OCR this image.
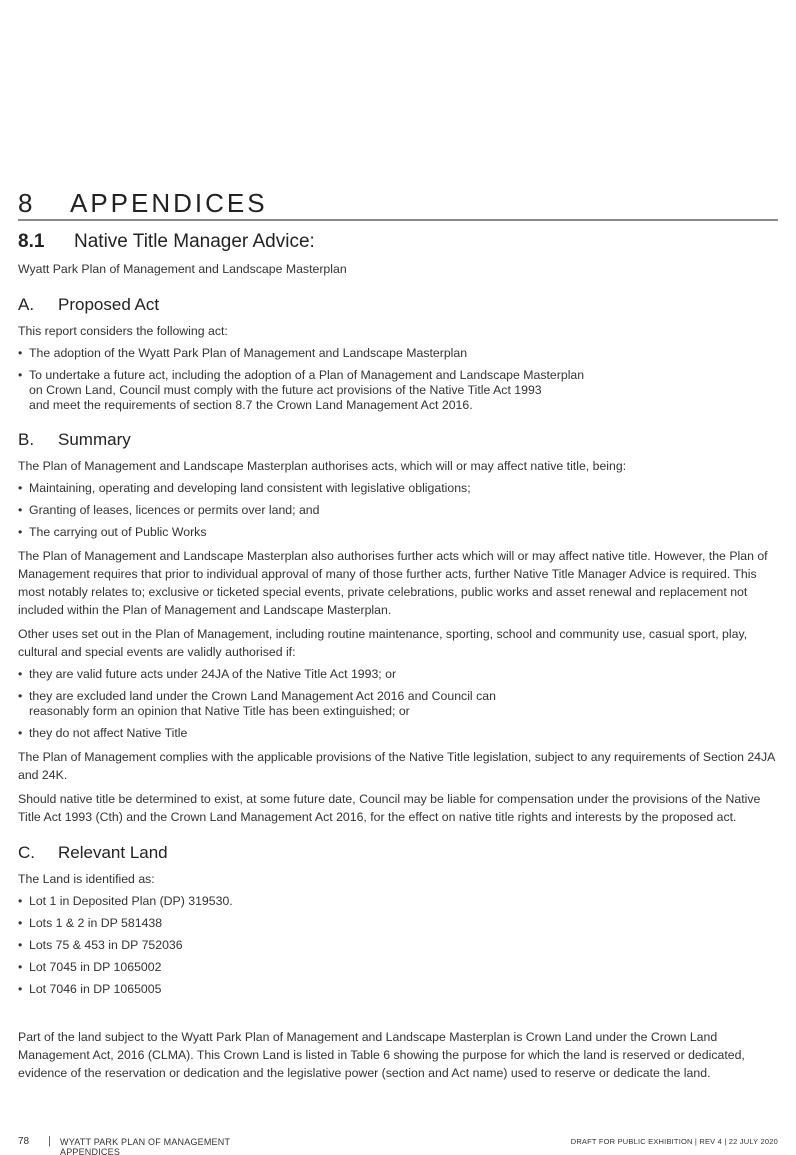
8	APPENDICES
8.1	Native Title Manager Advice:

Wyatt Park Plan of Management and Landscape Masterplan

A.	Proposed Act

This report considers the following act:

• The adoption of the Wyatt Park Plan of Management and Landscape Masterplan
• To undertake a future act, including the adoption of a Plan of Management and Landscape Masterplan
on Crown Land, Council must comply with the future act provisions of the Native Title Act 1993
and meet the requirements of section 8.7 the Crown Land Management Act 2016.
B.	Summary

The Plan of Management and Landscape Masterplan authorises acts, which will or may affect native title, being:

• Maintaining, operating and developing land consistent with legislative obligations;
• Granting of leases, licences or permits over land; and
• The carrying out of Public Works

The Plan of Management and Landscape Masterplan also authorises further acts which will or may affect native title. However, the Plan of Management requires that prior to individual approval of many of those further acts, further Native Title Manager Advice is required. This most notably relates to; exclusive or ticketed special events, private celebrations, public works and asset renewal and replacement not included within the Plan of Management and Landscape Masterplan.

Other uses set out in the Plan of Management, including routine maintenance, sporting, school and community use, casual sport, play, cultural and special events are validly authorised if:

• they are valid future acts under 24JA of the Native Title Act 1993; or
• they are excluded land under the Crown Land Management Act 2016 and Council can
reasonably form an opinion that Native Title has been extinguished; or
• they do not affect Native Title

The Plan of Management complies with the applicable provisions of the Native Title legislation, subject to any requirements of Section 24JA and 24K.

Should native title be determined to exist, at some future date, Council may be liable for compensation under the provisions of the Native Title Act 1993 (Cth) and the Crown Land Management Act 2016, for the effect on native title rights and interests by the proposed act.

C.	Relevant Land

The Land is identified as:

• Lot 1 in Deposited Plan (DP) 319530.
• Lots 1 & 2 in DP 581438
• Lots 75 & 453 in DP 752036
• Lot 7045 in DP 1065002
• Lot 7046 in DP 1065005

Part of the land subject to the Wyatt Park Plan of Management and Landscape Masterplan is Crown Land under the Crown Land Management Act, 2016 (CLMA). This Crown Land is listed in Table 6 showing the purpose for which the land is reserved or dedicated, evidence of the reservation or dedication and the legislative power (section and Act name) used to reserve or dedicate the land.

78 | WYATT PARK PLAN OF MANAGEMENT
APPENDICES
DRAFT FOR PUBLIC EXHIBITION | REV 4 | 22 JULY 2020
